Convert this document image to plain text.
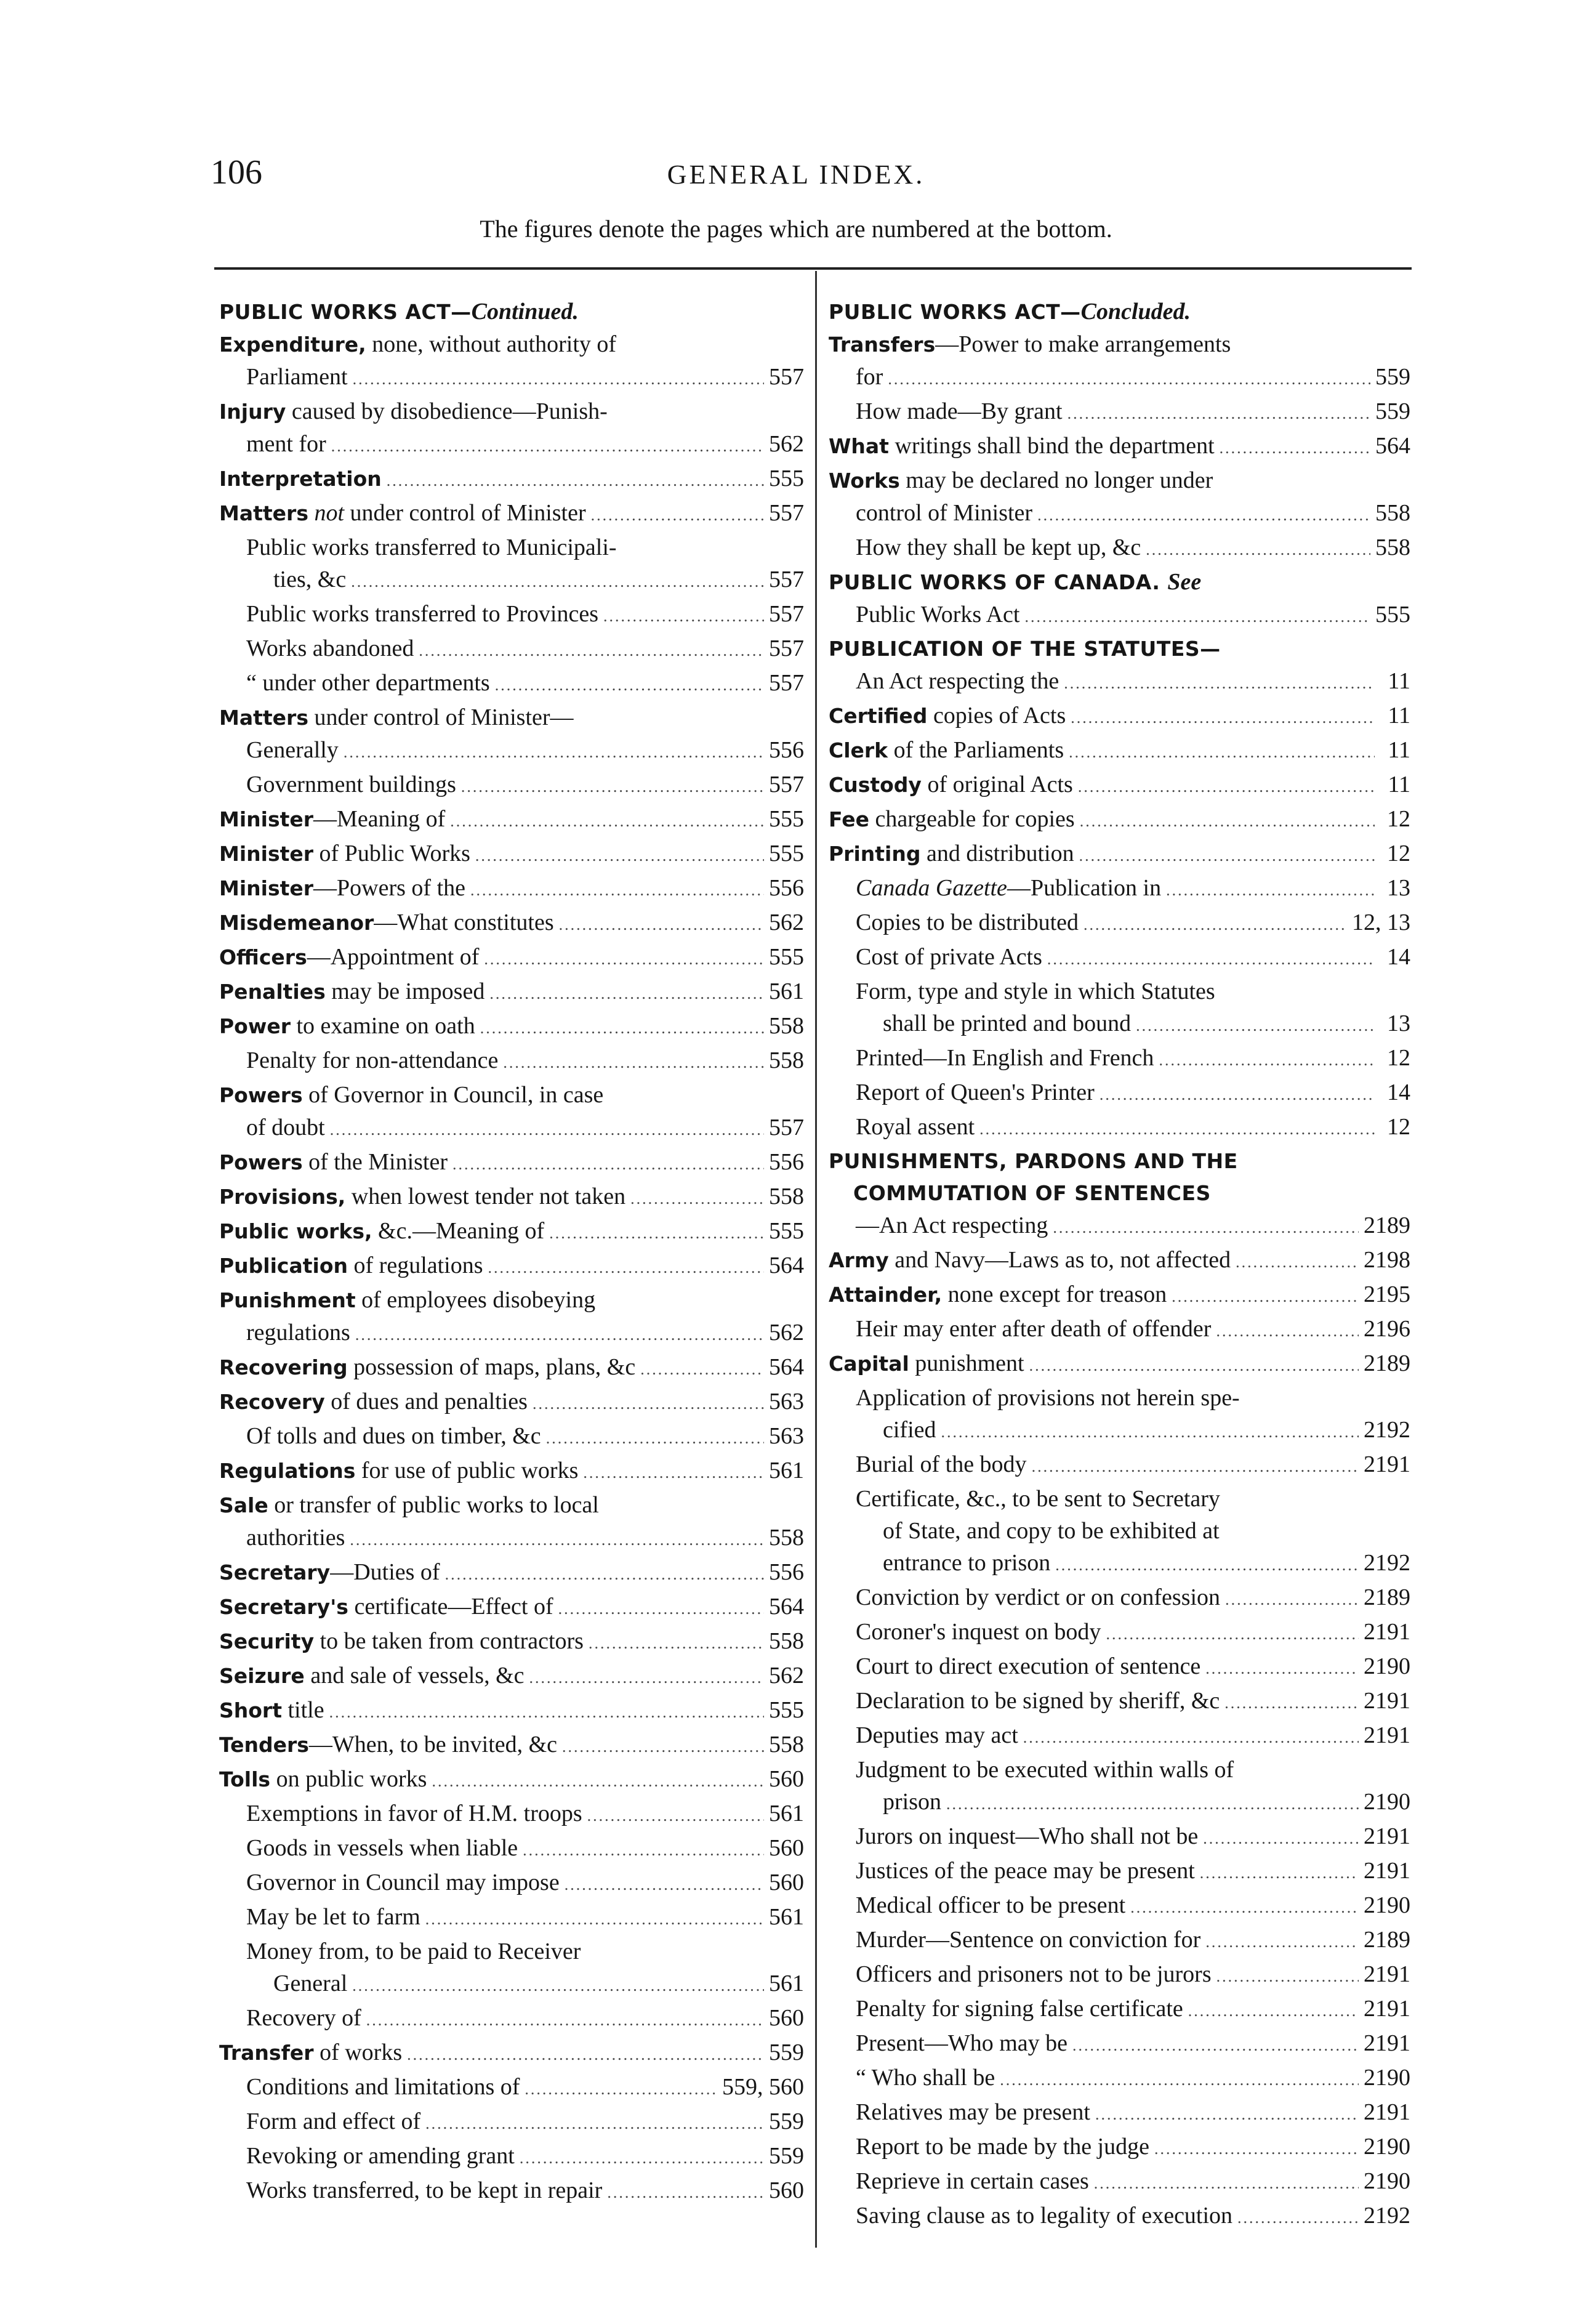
106	GENERAL INDEX.
The figures denote the pages which are numbered at the bottom.
PUBLIC WORKS ACT—Continued.
Expenditure, none, without authority of
Parliament .....	557
Injury caused by disobedience—Punish-
ment for .....	562
Interpretation .....	555
Matters not under control of Minister .....	557
Public works transferred to Municipali-
ties, &c .....	557
Public works transferred to Provinces .....	557
Works abandoned .....	557
“ under other departments .....	557
Matters under control of Minister—
Generally .....	556
Government buildings .....	557
Minister—Meaning of .....	555
Minister of Public Works .....	555
Minister—Powers of the .....	556
Misdemeanor—What constitutes .....	562
Officers—Appointment of .....	555
Penalties may be imposed .....	561
Power to examine on oath .....	558
Penalty for non-attendance .....	558
Powers of Governor in Council, in case
of doubt .....	557
Powers of the Minister .....	556
Provisions, when lowest tender not taken .....	558
Public works, &c.—Meaning of .....	555
Publication of regulations .....	564
Punishment of employees disobeying
regulations .....	562
Recovering possession of maps, plans, &c .....	564
Recovery of dues and penalties .....	563
Of tolls and dues on timber, &c .....	563
Regulations for use of public works .....	561
Sale or transfer of public works to local
authorities .....	558
Secretary—Duties of .....	556
Secretary's certificate—Effect of .....	564
Security to be taken from contractors .....	558
Seizure and sale of vessels, &c .....	562
Short title .....	555
Tenders—When, to be invited, &c .....	558
Tolls on public works .....	560
Exemptions in favor of H.M. troops .....	561
Goods in vessels when liable .....	560
Governor in Council may impose .....	560
May be let to farm .....	561
Money from, to be paid to Receiver
General .....	561
Recovery of .....	560
Transfer of works .....	559
Conditions and limitations of .....	559, 560
Form and effect of .....	559
Revoking or amending grant .....	559
Works transferred, to be kept in repair .....	560
PUBLIC WORKS ACT—Concluded.
Transfers—Power to make arrangements
for .....	559
How made—By grant .....	559
What writings shall bind the department .....	564
Works may be declared no longer under
control of Minister .....	558
How they shall be kept up, &c .....	558
PUBLIC WORKS OF CANADA. See
Public Works Act .....	555
PUBLICATION OF THE STATUTES—
An Act respecting the .....	11
Certified copies of Acts .....	11
Clerk of the Parliaments .....	11
Custody of original Acts .....	11
Fee chargeable for copies .....	12
Printing and distribution .....	12
Canada Gazette—Publication in .....	13
Copies to be distributed .....	12, 13
Cost of private Acts .....	14
Form, type and style in which Statutes
shall be printed and bound .....	13
Printed—In English and French .....	12
Report of Queen's Printer .....	14
Royal assent .....	12
PUNISHMENTS, PARDONS AND THE COMMUTATION OF SENTENCES
—An Act respecting .....	2189
Army and Navy—Laws as to, not affected .....	2198
Attainder, none except for treason .....	2195
Heir may enter after death of offender .....	2196
Capital punishment .....	2189
Application of provisions not herein spe-
cified .....	2192
Burial of the body .....	2191
Certificate, &c., to be sent to Secretary
of State, and copy to be exhibited at
entrance to prison .....	2192
Conviction by verdict or on confession .....	2189
Coroner's inquest on body .....	2191
Court to direct execution of sentence .....	2190
Declaration to be signed by sheriff, &c .....	2191
Deputies may act .....	2191
Judgment to be executed within walls of
prison .....	2190
Jurors on inquest—Who shall not be .....	2191
Justices of the peace may be present .....	2191
Medical officer to be present .....	2190
Murder—Sentence on conviction for .....	2189
Officers and prisoners not to be jurors .....	2191
Penalty for signing false certificate .....	2191
Present—Who may be .....	2191
“ Who shall be .....	2190
Relatives may be present .....	2191
Report to be made by the judge .....	2190
Reprieve in certain cases .....	2190
Saving clause as to legality of execution .....	2192
